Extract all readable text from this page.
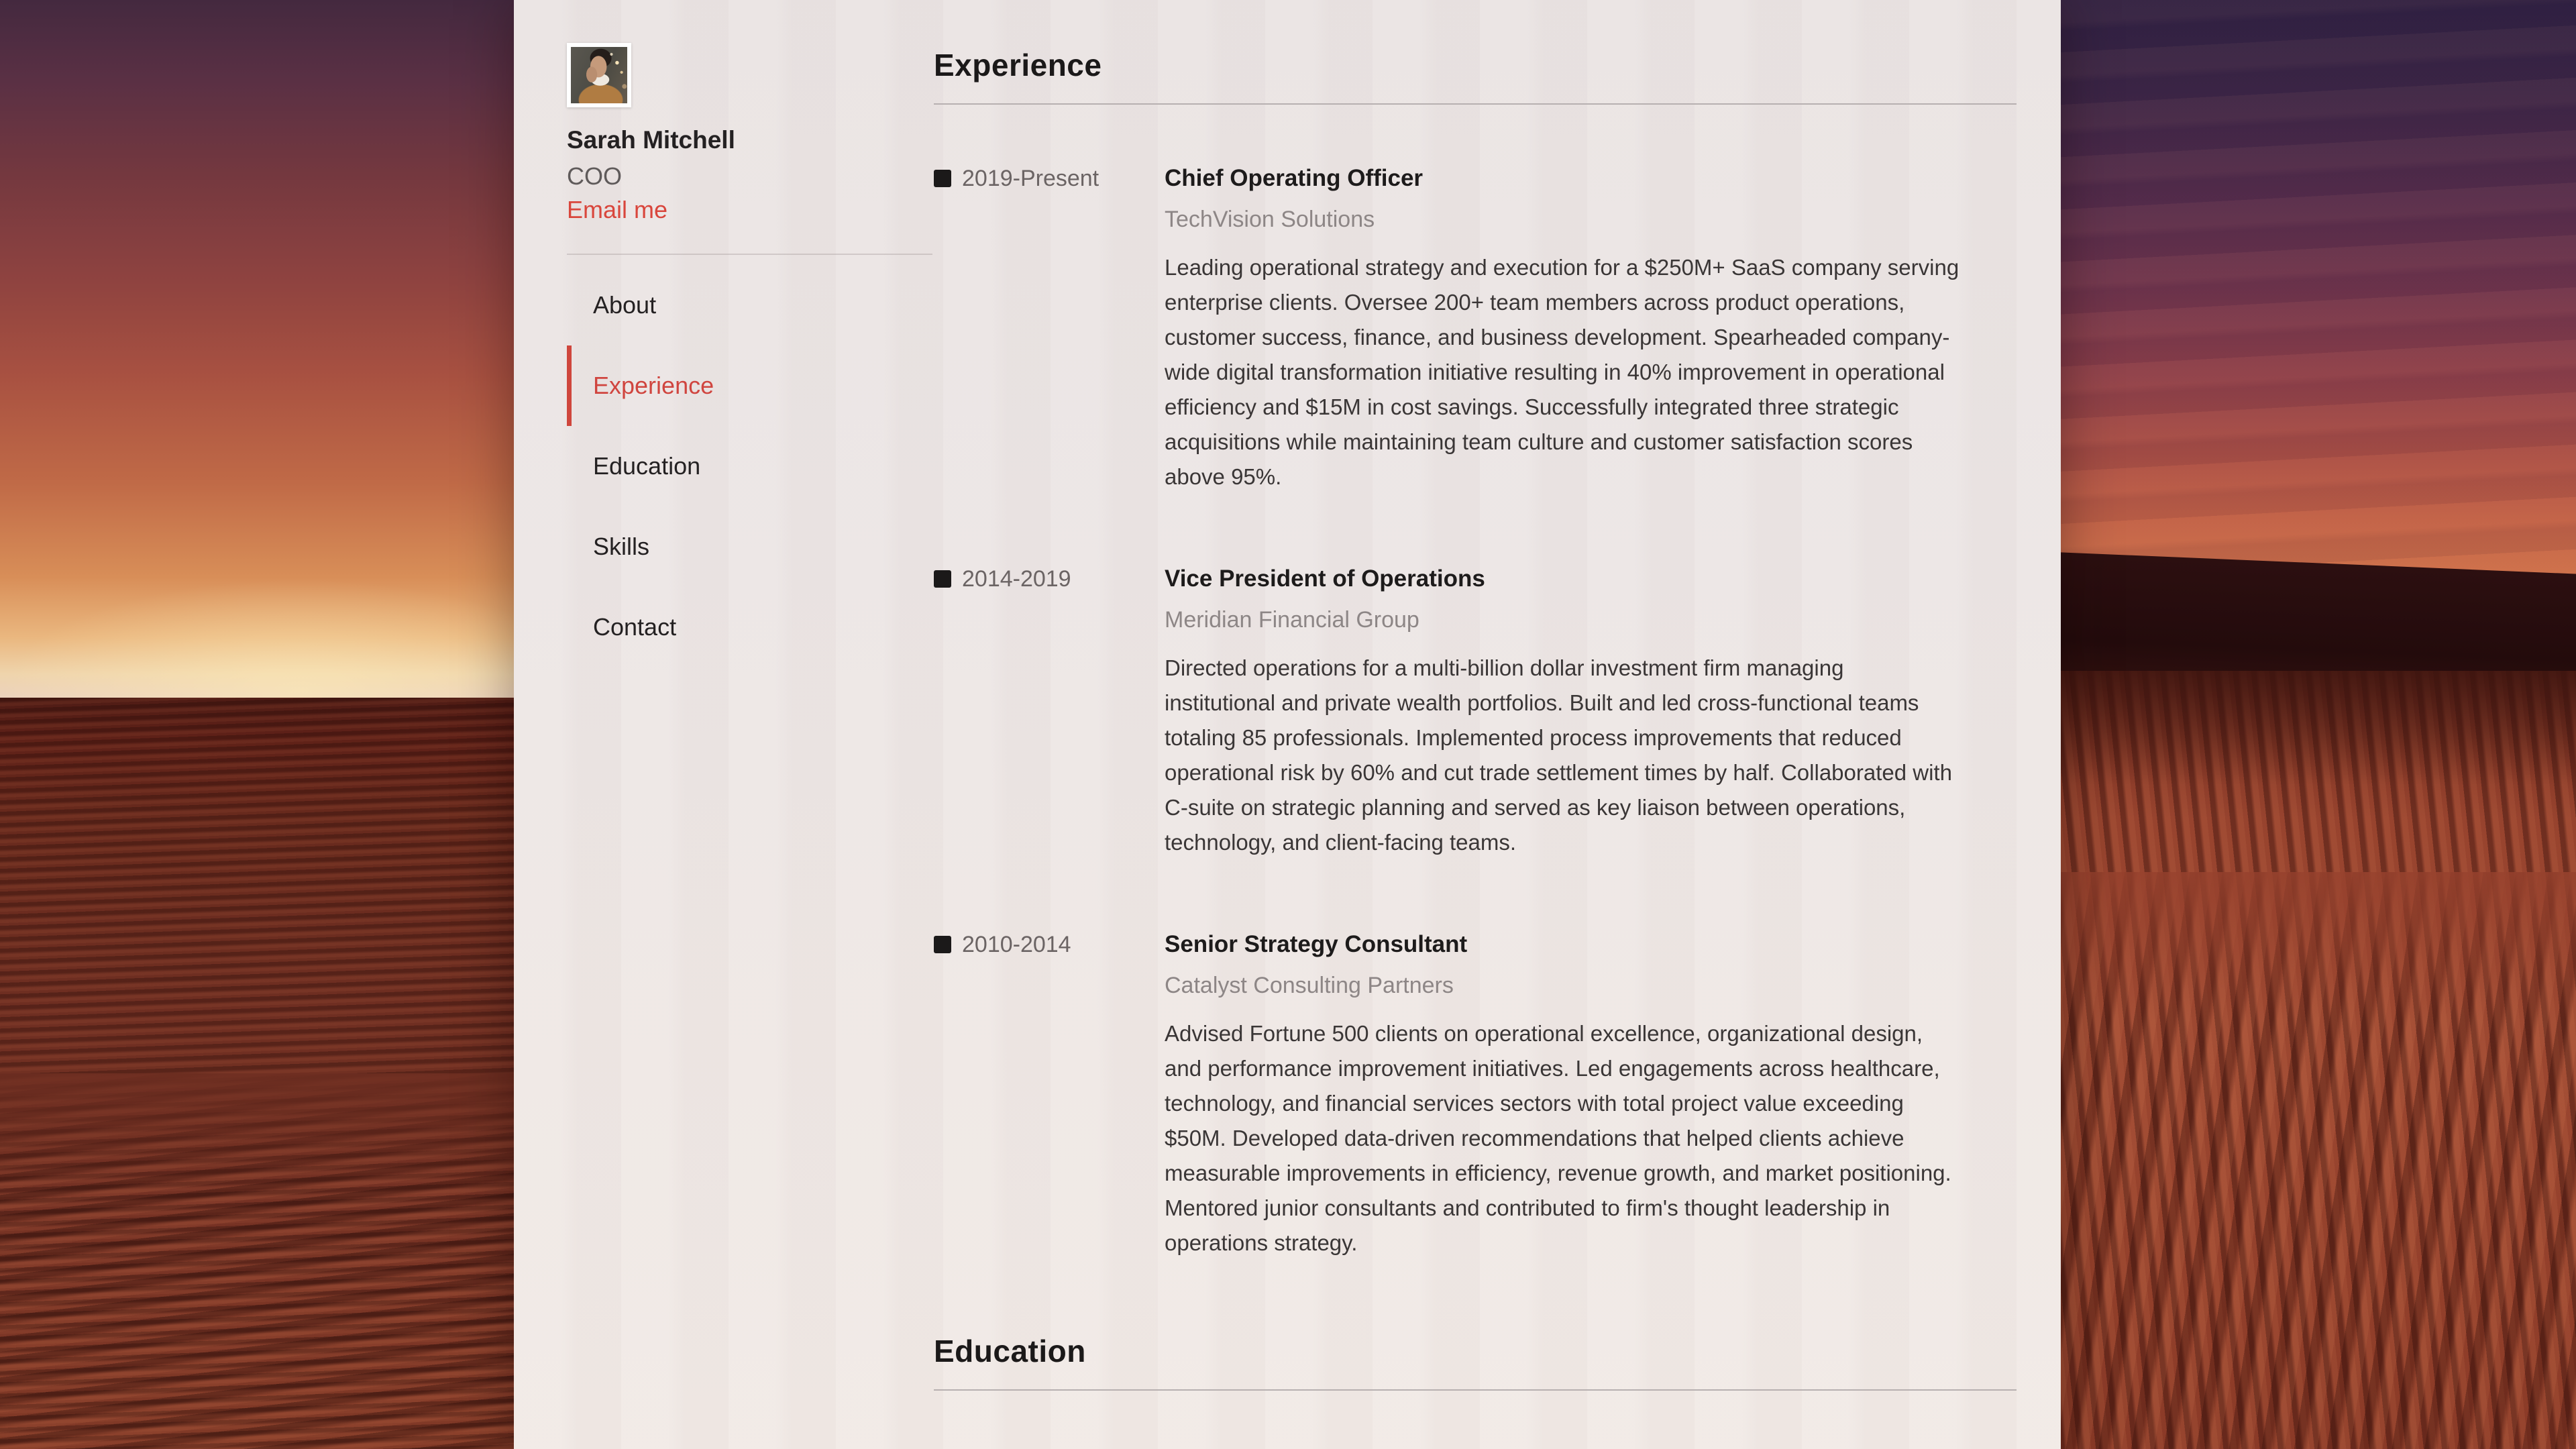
Sarah Mitchell
COO
Email me
About
Experience
Education
Skills
Contact
Experience
2019-Present	Chief Operating Officer
TechVision Solutions

Leading operational strategy and execution for a $250M+ SaaS company serving enterprise clients. Oversee 200+ team members across product operations, customer success, finance, and business development. Spearheaded company-wide digital transformation initiative resulting in 40% improvement in operational efficiency and $15M in cost savings. Successfully integrated three strategic acquisitions while maintaining team culture and customer satisfaction scores above 95%.

2014-2019	Vice President of Operations
Meridian Financial Group

Directed operations for a multi-billion dollar investment firm managing institutional and private wealth portfolios. Built and led cross-functional teams totaling 85 professionals. Implemented process improvements that reduced operational risk by 60% and cut trade settlement times by half. Collaborated with C-suite on strategic planning and served as key liaison between operations, technology, and client-facing teams.

2010-2014	Senior Strategy Consultant
Catalyst Consulting Partners

Advised Fortune 500 clients on operational excellence, organizational design, and performance improvement initiatives. Led engagements across healthcare, technology, and financial services sectors with total project value exceeding $50M. Developed data-driven recommendations that helped clients achieve measurable improvements in efficiency, revenue growth, and market positioning. Mentored junior consultants and contributed to firm's thought leadership in operations strategy.

Education
